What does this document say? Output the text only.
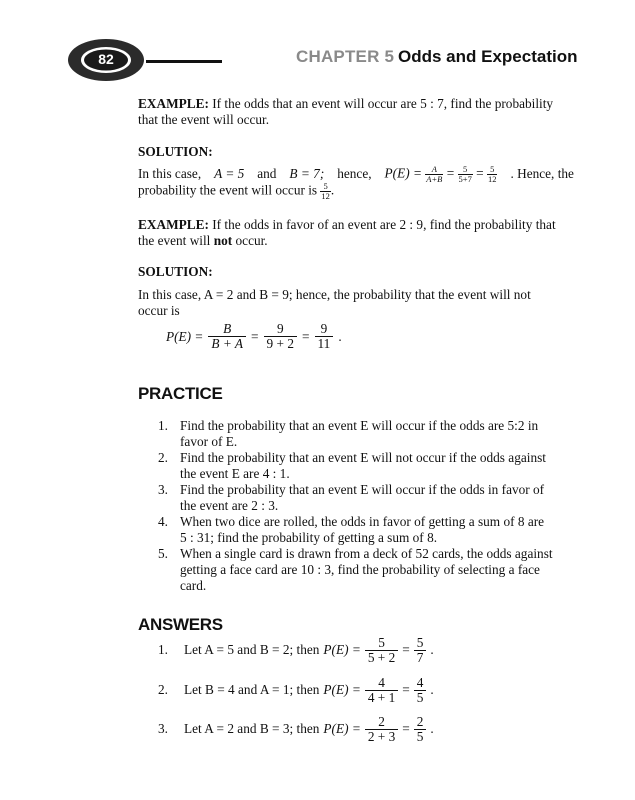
82	CHAPTER 5 Odds and Expectation
EXAMPLE: If the odds that an event will occur are 5 : 7, find the probability
that the event will occur.
SOLUTION:
In this case, A = 5 and B = 7; hence, $P(E) = \frac{A}{A+B} = \frac{5}{5+7} = \frac{5}{12}$ . Hence, the
probability the event will occur is $\frac{5}{12}$ .
EXAMPLE: If the odds in favor of an event are 2 : 9, find the probability that
the event will not occur.
SOLUTION:
In this case, A = 2 and B = 9; hence, the probability that the event will not
occur is
$P(E) = \frac{B}{B + A} = \frac{9}{9 + 2} = \frac{9}{11}$ .
PRACTICE
1. Find the probability that an event E will occur if the odds are 5:2 in
favor of E.
2. Find the probability that an event E will not occur if the odds against
the event E are 4 : 1.
3. Find the probability that an event E will occur if the odds in favor of
the event are 2 : 3.
4. When two dice are rolled, the odds in favor of getting a sum of 8 are
5 : 31; find the probability of getting a sum of 8.
5. When a single card is drawn from a deck of 52 cards, the odds against
getting a face card are 10 : 3, find the probability of selecting a face
card.
ANSWERS
1.	Let A = 5 and B = 2; then $P(E) = \frac{5}{5 + 2} = \frac{5}{7}$ .
2.	Let B = 4 and A = 1; then $P(E) = \frac{4}{4 + 1} = \frac{4}{5}$ .
3.	Let A = 2 and B = 3; then $P(E) = \frac{2}{2 + 3} = \frac{2}{5}$ .
